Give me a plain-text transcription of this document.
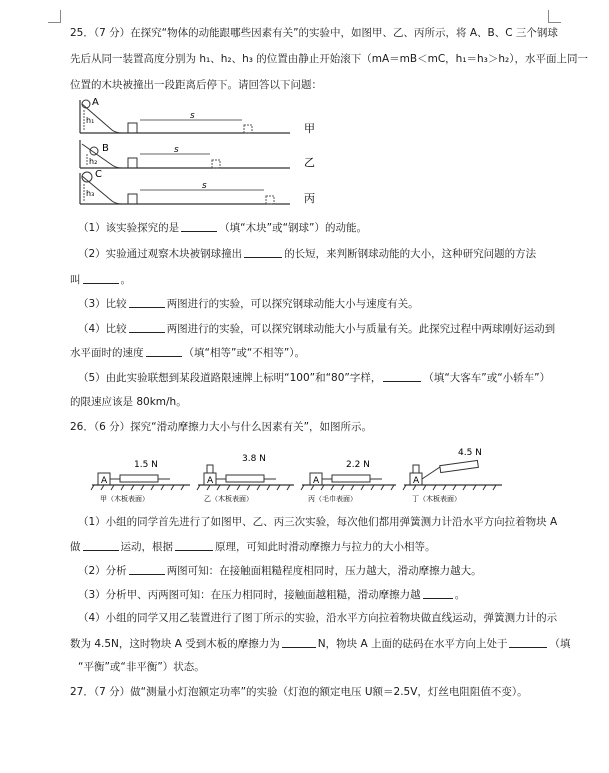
25．（7 分）在探究“物体的动能跟哪些因素有关”的实验中，如图甲、乙、丙所示，将 A、B、C 三个钢球
先后从同一装置高度分别为 h₁、h₂、h₃ 的位置由静止开始滚下（mA＝mB＜mC，h₁＝h₃＞h₂），水平面上同一
位置的木块被撞出一段距离后停下。请回答以下问题：
A
h₁	s
甲
B
h₂
s
乙
C
h₃
s
丙
（1）该实验探究的是	（填“木块”或“钢球”）的动能。
（2）实验通过观察木块被钢球撞出	的长短，来判断钢球动能的大小，这种研究问题的方法
叫	。
（3）比较	两图进行的实验，可以探究钢球动能大小与速度有关。
（4）比较	两图进行的实验，可以探究钢球动能大小与质量有关。此探究过程中两球刚好运动到
水平面时的速度	（填“相等”或“不相等”）。
（5）由此实验联想到某段道路限速牌上标明“100”和“80”字样，	（填“大客车”或“小轿车”）
的限速应该是 80km/h。
26．（6 分）探究“滑动摩擦力大小与什么因素有关”，如图所示。
A
1.5 N
甲（木板表面）
A
3.8 N
乙（木板表面）
A
2.2 N
丙（毛巾表面）
A
4.5 N
丁（木板表面）
（1）小组的同学首先进行了如图甲、乙、丙三次实验，每次他们都用弹簧测力计沿水平方向拉着物块 A
做	运动，根据	原理，可知此时滑动摩擦力与拉力的大小相等。
（2）分析	两图可知：在接触面粗糙程度相同时，压力越大，滑动摩擦力越大。
（3）分析甲、丙两图可知：在压力相同时，接触面越粗糙，滑动摩擦力越	。
（4）小组的同学又用乙装置进行了图丁所示的实验，沿水平方向拉着物块做直线运动，弹簧测力计的示
数为 4.5N，这时物块 A 受到木板的摩擦力为	N，物块 A 上面的砝码在水平方向上处于	（填
“平衡”或“非平衡”）状态。
27．（7 分）做“测量小灯泡额定功率”的实验（灯泡的额定电压 U额＝2.5V，灯丝电阻阻值不变）。
